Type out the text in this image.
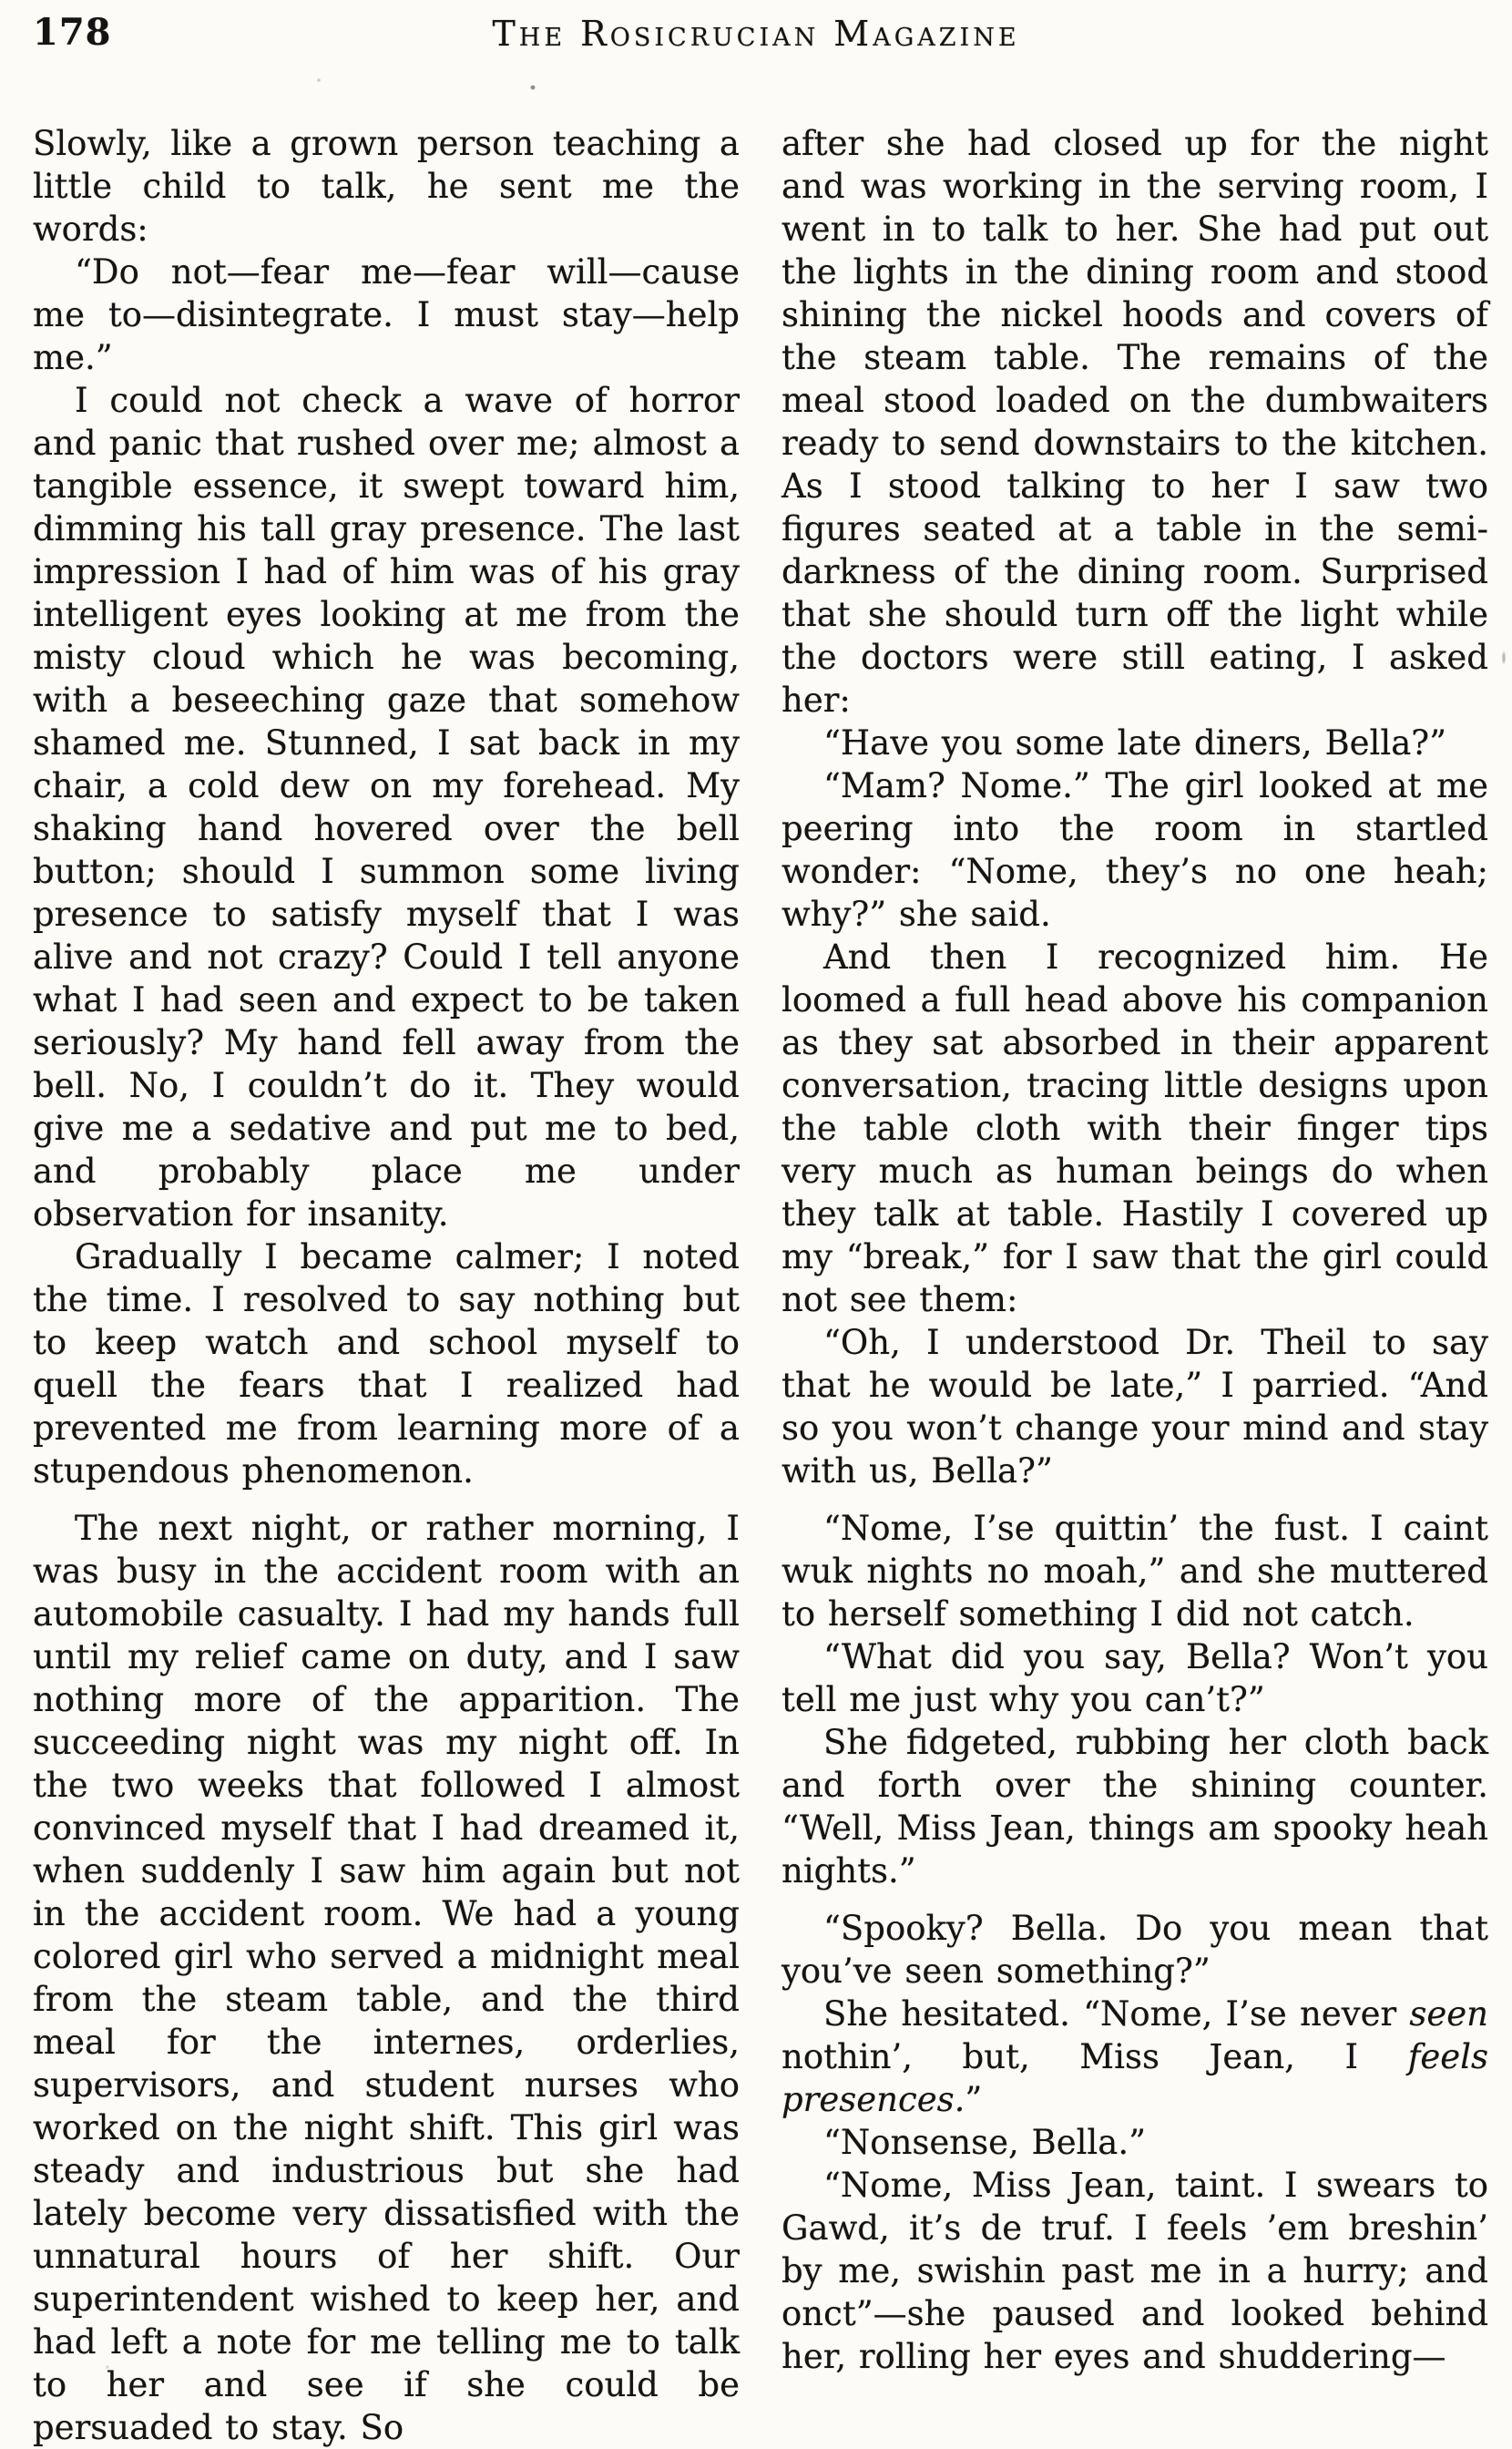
178	The Rosicrucian Magazine

Slowly, like a grown person teaching a little child to talk, he sent me the words:

“Do not—fear me—fear will—cause me to—disintegrate. I must stay—help me.”

I could not check a wave of horror and panic that rushed over me; almost a tangible essence, it swept toward him, dimming his tall gray presence. The last impression I had of him was of his gray intelligent eyes looking at me from the misty cloud which he was becoming, with a beseeching gaze that somehow shamed me. Stunned, I sat back in my chair, a cold dew on my forehead. My shaking hand hovered over the bell button; should I summon some living presence to satisfy myself that I was alive and not crazy? Could I tell anyone what I had seen and expect to be taken seriously? My hand fell away from the bell. No, I couldn’t do it. They would give me a sedative and put me to bed, and probably place me under observation for insanity.

Gradually I became calmer; I noted the time. I resolved to say nothing but to keep watch and school myself to quell the fears that I realized had prevented me from learning more of a stupendous phenomenon.

The next night, or rather morning, I was busy in the accident room with an automobile casualty. I had my hands full until my relief came on duty, and I saw nothing more of the apparition. The succeeding night was my night off. In the two weeks that followed I almost convinced myself that I had dreamed it, when suddenly I saw him again but not in the accident room. We had a young colored girl who served a midnight meal from the steam table, and the third meal for the internes, orderlies, supervisors, and student nurses who worked on the night shift. This girl was steady and industrious but she had lately become very dissatisfied with the unnatural hours of her shift. Our superintendent wished to keep her, and had left a note for me telling me to talk to her and see if she could be persuaded to stay. So

after she had closed up for the night and was working in the serving room, I went in to talk to her. She had put out the lights in the dining room and stood shining the nickel hoods and covers of the steam table. The remains of the meal stood loaded on the dumbwaiters ready to send downstairs to the kitchen. As I stood talking to her I saw two figures seated at a table in the semi-darkness of the dining room. Surprised that she should turn off the light while the doctors were still eating, I asked her:

“Have you some late diners, Bella?”

“Mam? Nome.” The girl looked at me peering into the room in startled wonder: “Nome, they’s no one heah; why?” she said.

And then I recognized him. He loomed a full head above his companion as they sat absorbed in their apparent conversation, tracing little designs upon the table cloth with their finger tips very much as human beings do when they talk at table. Hastily I covered up my “break,” for I saw that the girl could not see them:

“Oh, I understood Dr. Theil to say that he would be late,” I parried. “And so you won’t change your mind and stay with us, Bella?”

“Nome, I’se quittin’ the fust. I caint wuk nights no moah,” and she muttered to herself something I did not catch.

“What did you say, Bella? Won’t you tell me just why you can’t?”

She fidgeted, rubbing her cloth back and forth over the shining counter. “Well, Miss Jean, things am spooky heah nights.”

“Spooky? Bella. Do you mean that you’ve seen something?”

She hesitated. “Nome, I’se never seen nothin’, but, Miss Jean, I feels presences.”

“Nonsense, Bella.”

“Nome, Miss Jean, taint. I swears to Gawd, it’s de truf. I feels ’em breshin’ by me, swishin past me in a hurry; and onct”—she paused and looked behind her, rolling her eyes and shuddering—
